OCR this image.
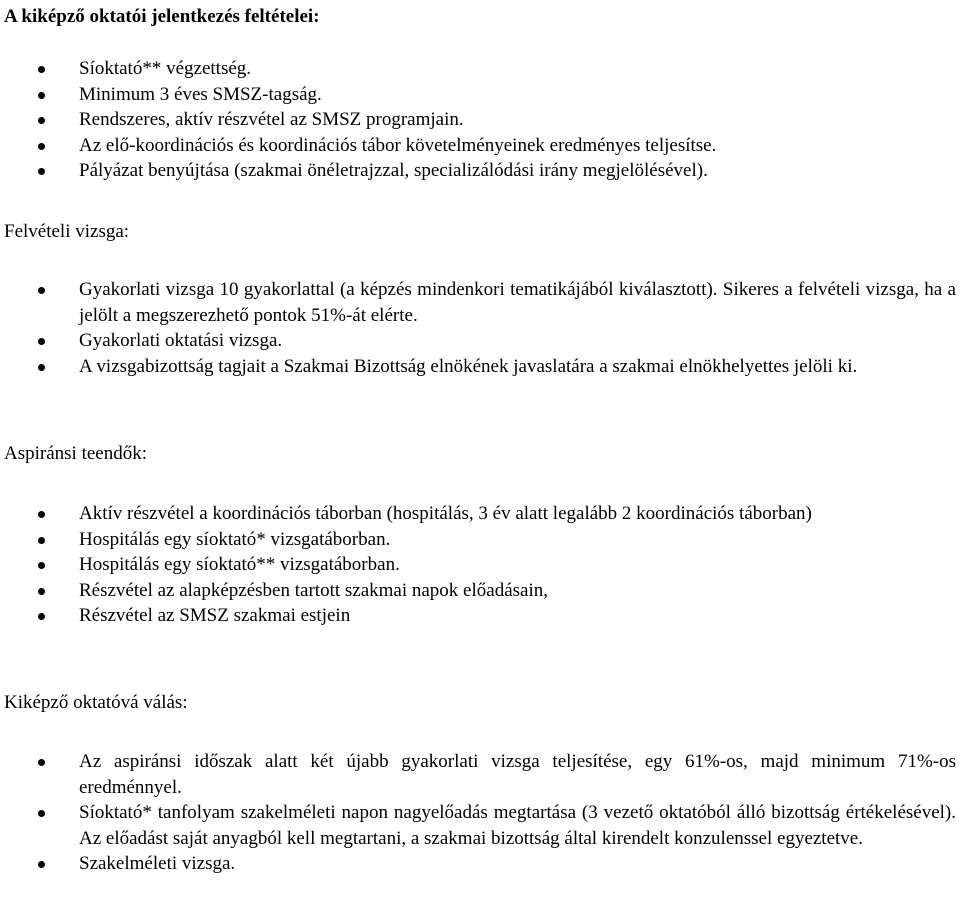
A kiképző oktatói jelentkezés feltételei:
Síoktató** végzettség.
Minimum 3 éves SMSZ-tagság.
Rendszeres, aktív részvétel az SMSZ programjain.
Az elő-koordinációs és koordinációs tábor követelményeinek eredményes teljesítse.
Pályázat benyújtása (szakmai önéletrajzzal, specializálódási irány megjelölésével).
Felvételi vizsga:
Gyakorlati vizsga 10 gyakorlattal (a képzés mindenkori tematikájából kiválasztott). Sikeres a felvételi vizsga, ha a jelölt a megszerezhető pontok 51%-át elérte.
Gyakorlati oktatási vizsga.
A vizsgabizottság tagjait a Szakmai Bizottság elnökének javaslatára a szakmai elnökhelyettes jelöli ki.
Aspiránsi teendők:
Aktív részvétel a koordinációs táborban (hospitálás, 3 év alatt legalább 2 koordinációs táborban)
Hospitálás egy síoktató* vizsgatáborban.
Hospitálás egy síoktató** vizsgatáborban.
Részvétel az alapképzésben tartott szakmai napok előadásain,
Részvétel az SMSZ szakmai estjein
Kiképző oktatóvá válás:
Az aspiránsi időszak alatt két újabb gyakorlati vizsga teljesítése, egy 61%-os, majd minimum 71%-os eredménnyel.
Síoktató* tanfolyam szakelméleti napon nagyelőadás megtartása (3 vezető oktatóból álló bizottság értékelésével). Az előadást saját anyagból kell megtartani, a szakmai bizottság által kirendelt konzulenssel egyeztetve.
Szakelméleti vizsga.
